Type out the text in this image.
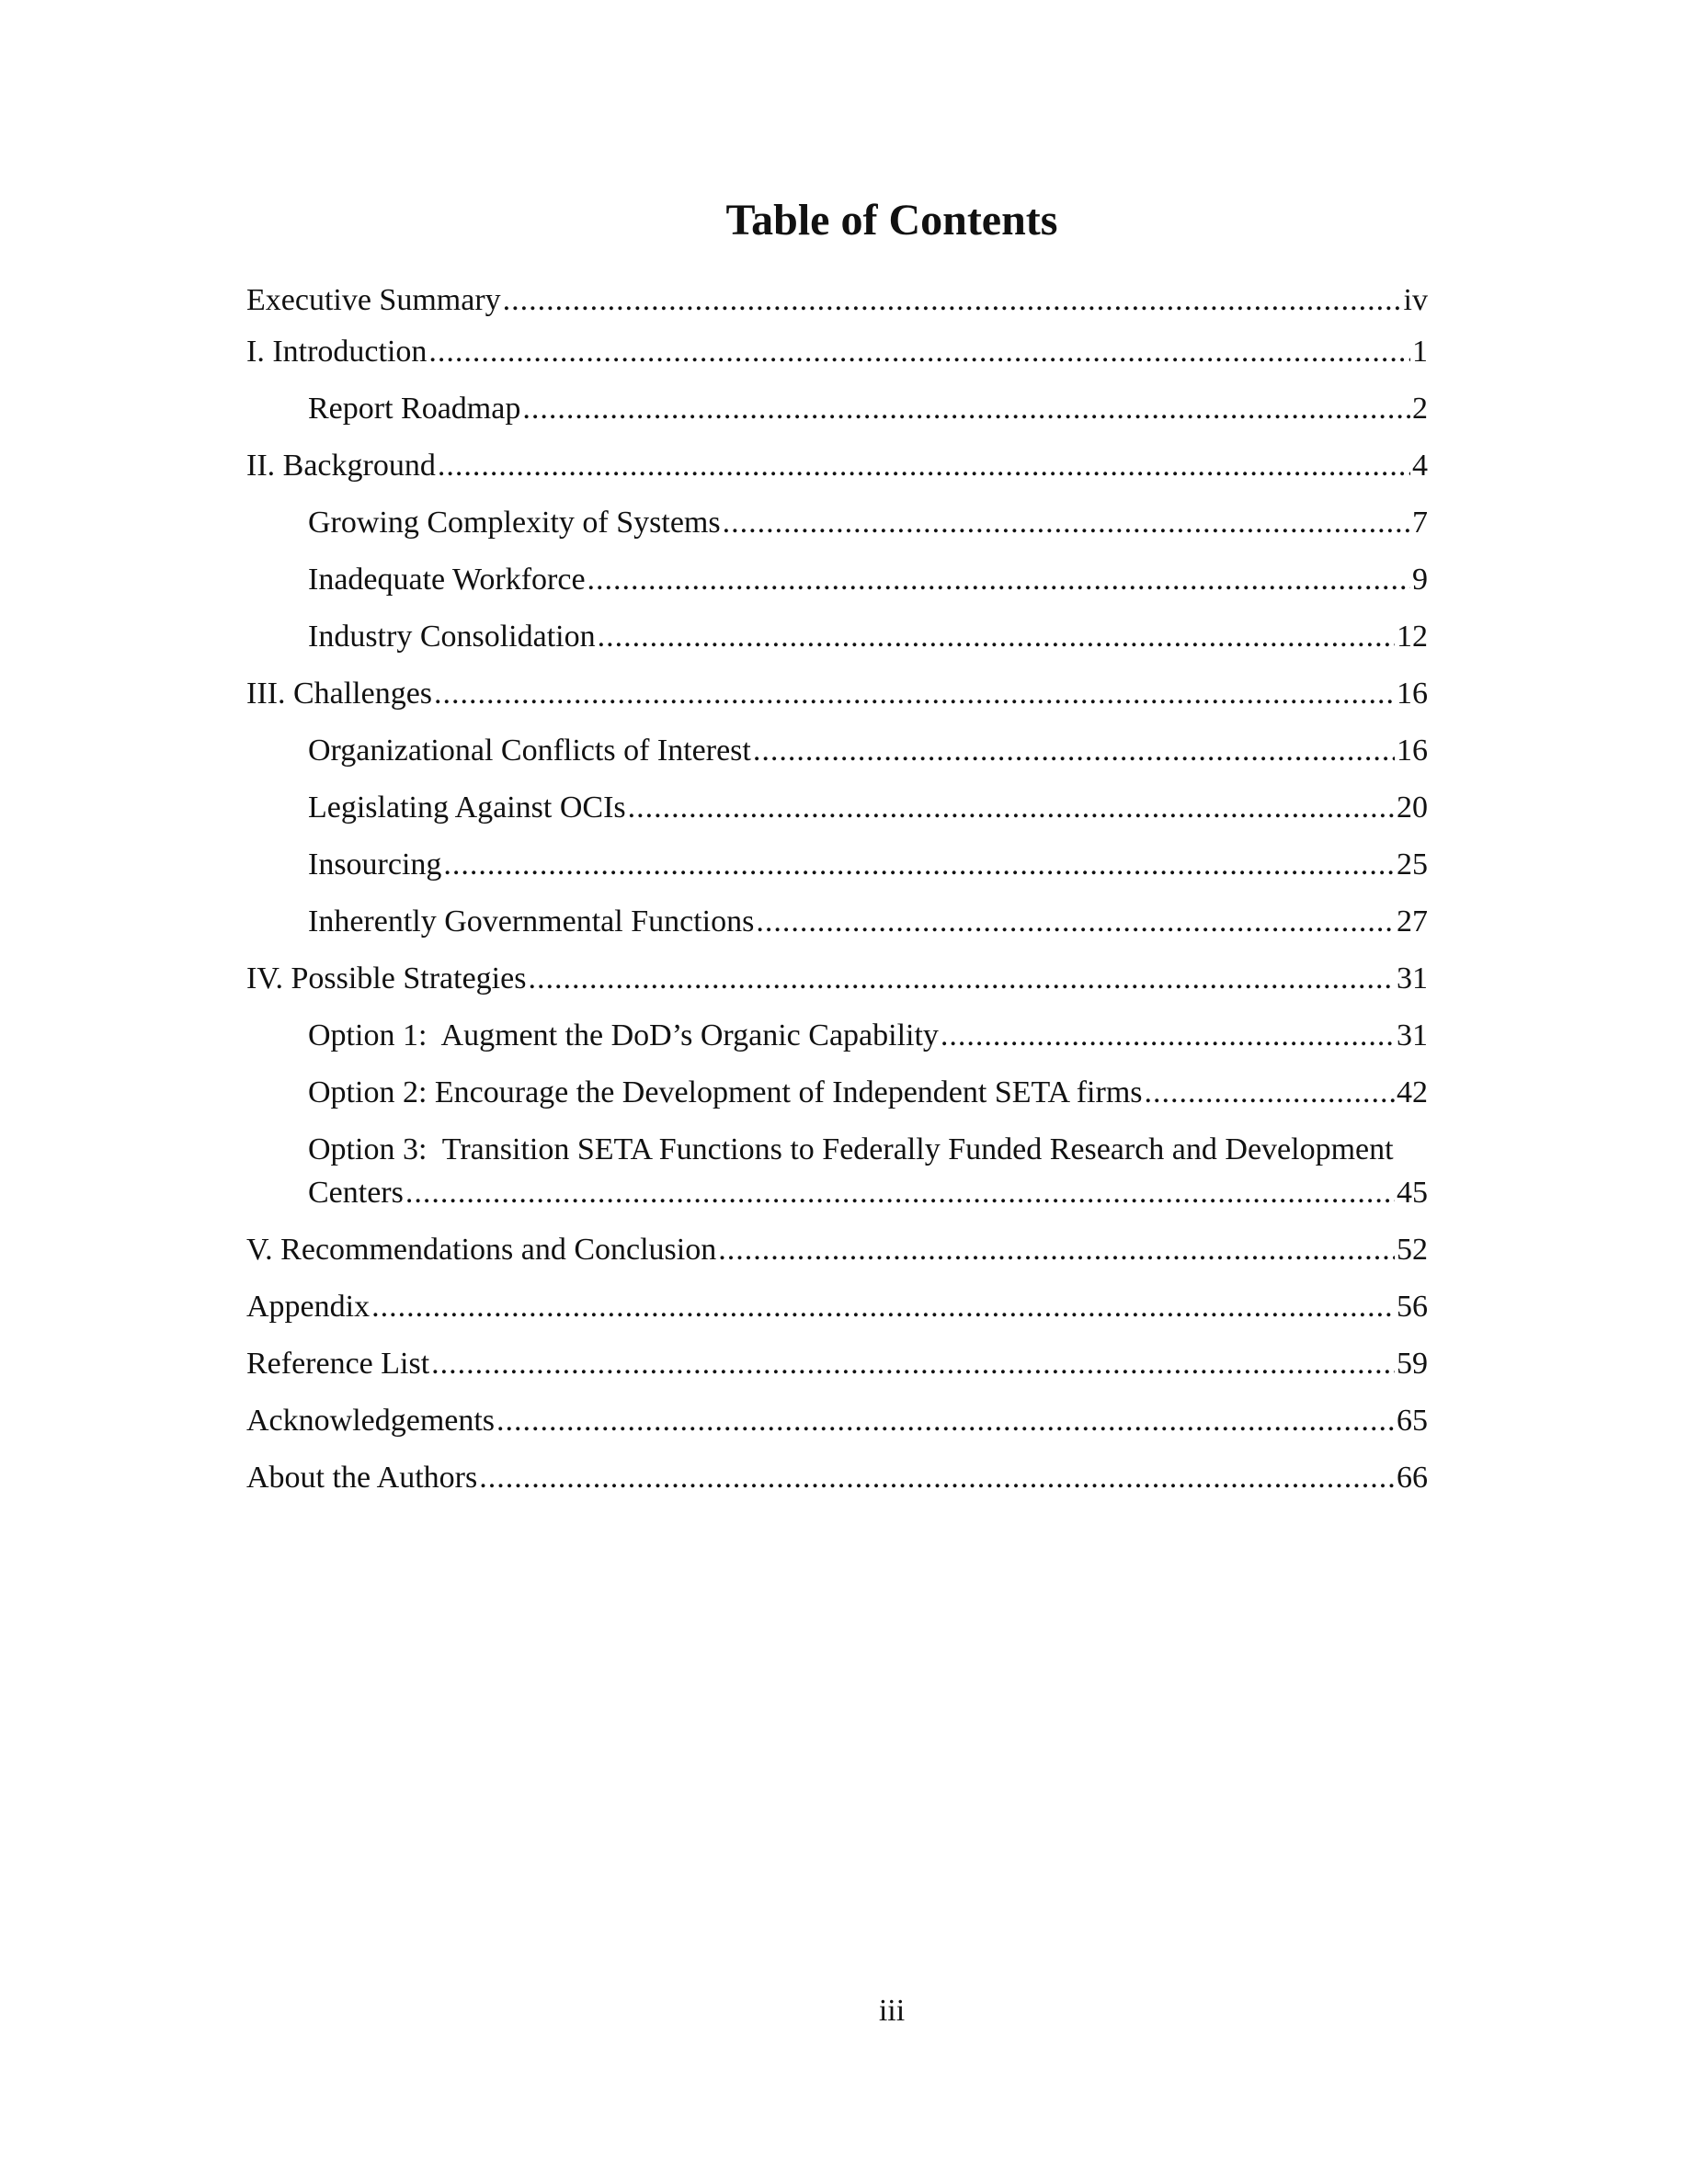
Table of Contents
Executive Summary .....	iv
I. Introduction .....	1
Report Roadmap .....	2
II. Background .....	4
Growing Complexity of Systems .....	7
Inadequate Workforce .....	9
Industry Consolidation .....	12
III. Challenges .....	16
Organizational Conflicts of Interest .....	16
Legislating Against OCIs .....	20
Insourcing .....	25
Inherently Governmental Functions .....	27
IV. Possible Strategies .....	31
Option 1:  Augment the DoD’s Organic Capability .....	31
Option 2: Encourage the Development of Independent SETA firms .....	42
Option 3:  Transition SETA Functions to Federally Funded Research and Development
Centers .....	45
V. Recommendations and Conclusion .....	52
Appendix .....	56
Reference List .....	59
Acknowledgements .....	65
About the Authors .....	66
iii
